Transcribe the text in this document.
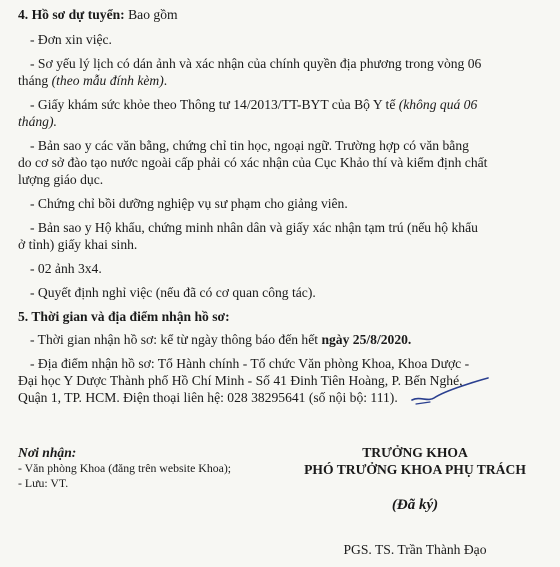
4. Hồ sơ dự tuyển: Bao gồm
- Đơn xin việc.
- Sơ yếu lý lịch có dán ảnh và xác nhận của chính quyền địa phương trong vòng 06
tháng (theo mẫu đính kèm).
- Giấy khám sức khỏe theo Thông tư 14/2013/TT-BYT của Bộ Y tế (không quá 06
tháng).
- Bản sao y các văn bằng, chứng chỉ tin học, ngoại ngữ. Trường hợp có văn bằng
do cơ sở đào tạo nước ngoài cấp phải có xác nhận của Cục Khảo thí và kiểm định chất
lượng giáo dục.
- Chứng chỉ bồi dưỡng nghiệp vụ sư phạm cho giảng viên.
- Bản sao y Hộ khẩu, chứng minh nhân dân và giấy xác nhận tạm trú (nếu hộ khẩu
ở tỉnh) giấy khai sinh.
- 02 ảnh 3x4.
- Quyết định nghỉ việc (nếu đã có cơ quan công tác).
5. Thời gian và địa điểm nhận hồ sơ:
- Thời gian nhận hồ sơ: kể từ ngày thông báo đến hết ngày 25/8/2020.
- Địa điểm nhận hồ sơ: Tổ Hành chính - Tổ chức Văn phòng Khoa, Khoa Dược -
Đại học Y Dược Thành phố Hồ Chí Minh - Số 41 Đinh Tiên Hoàng, P. Bến Nghé,
Quận 1, TP. HCM. Điện thoại liên hệ: 028 38295641 (số nội bộ: 111).
Nơi nhận:
- Văn phòng Khoa (đăng trên website Khoa);
- Lưu: VT.
TRƯỞNG KHOA
PHÓ TRƯỞNG KHOA PHỤ TRÁCH
(Đã ký)
PGS. TS. Trần Thành Đạo
